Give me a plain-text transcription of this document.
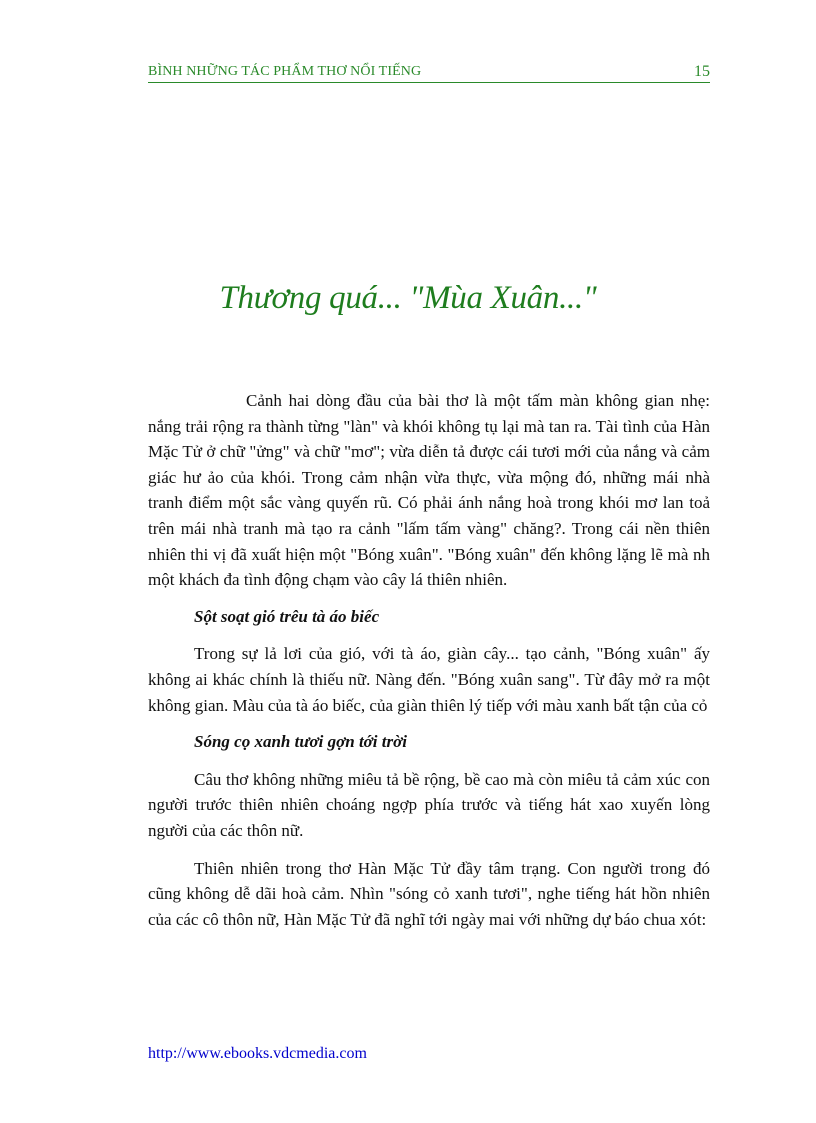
BÌNH NHỮNG TÁC PHẨM THƠ NỔI TIẾNG	15
Thương quá... "Mùa Xuân..."

Cảnh hai dòng đầu của bài thơ là một tấm màn không gian nhẹ: nắng trải rộng ra thành từng "làn" và khói không tụ lại mà tan ra. Tài tình của Hàn Mặc Tử ở chữ "ửng" và chữ "mơ"; vừa diễn tả được cái tươi mới của nắng và cảm giác hư ảo của khói. Trong cảm nhận vừa thực, vừa mộng đó, những mái nhà tranh điểm một sắc vàng quyến rũ. Có phải ánh nắng hoà trong khói mơ lan toả trên mái nhà tranh mà tạo ra cảnh "lấm tấm vàng" chăng?. Trong cái nền thiên nhiên thi vị đã xuất hiện một "Bóng xuân". "Bóng xuân" đến không lặng lẽ mà nh một khách đa tình động chạm vào cây lá thiên nhiên.

Sột soạt gió trêu tà áo biếc

Trong sự lả lơi của gió, với tà áo, giàn cây... tạo cảnh, "Bóng xuân" ấy không ai khác chính là thiếu nữ. Nàng đến. "Bóng xuân sang". Từ đây mở ra một không gian. Màu của tà áo biếc, của giàn thiên lý tiếp với màu xanh bất tận của cỏ

Sóng cọ xanh tươi gợn tới trời

Câu thơ không những miêu tả bề rộng, bề cao mà còn miêu tả cảm xúc con người trước thiên nhiên choáng ngợp phía trước và tiếng hát xao xuyến lòng người của các thôn nữ.

Thiên nhiên trong thơ Hàn Mặc Tử đầy tâm trạng. Con người trong đó cũng không dễ dãi hoà cảm. Nhìn "sóng cỏ xanh tươi", nghe tiếng hát hồn nhiên của các cô thôn nữ, Hàn Mặc Tử đã nghĩ tới ngày mai với những dự báo chua xót:

http://www.ebooks.vdcmedia.com
